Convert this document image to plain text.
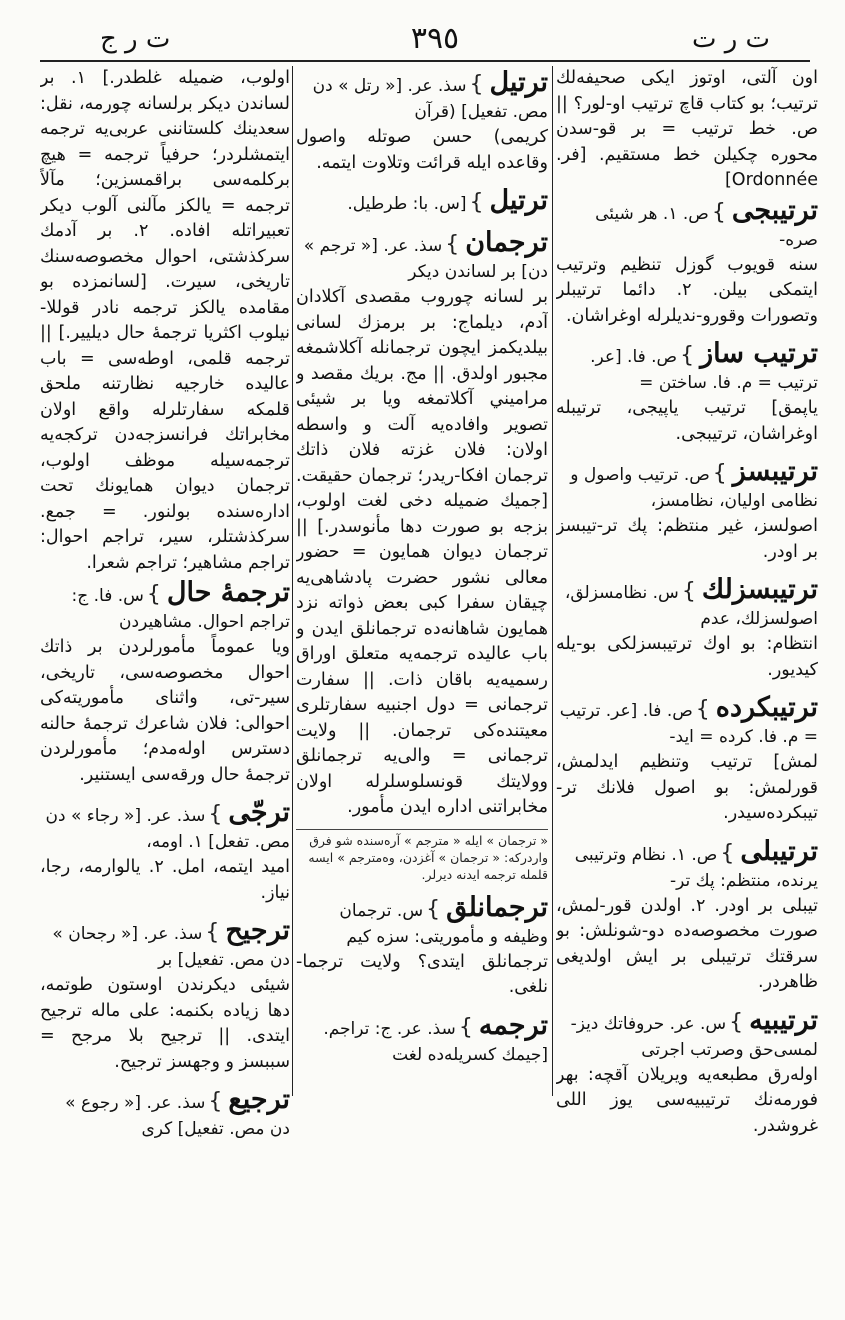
ت ر ج	٣٩٥	ت ر ت
اون آلتى، اوتوز ايكى صحيفه‌لك ترتيب؛ بو كتاب قاچ ترتيب او-لور؟ || ص. خط ترتيب = بر قو-سدن محوره چكيلن خط مستقيم. [فر. Ordonnée]
ترتيبجى}ص. ١. هر شيئى صره-
سنه قويوب گوزل تنظيم وترتيب ايتمكى بيلن. ٢. دائما ترتيبلر وتصورات وقورو-نديلرله اوغراشان.
ترتيب ساز}ص. فا. [عر. ترتيب = م. فا. ساختن =
ياپمق] ترتيب ياپيجى، ترتيبله اوغراشان، ترتيبجى.
ترتيبسز}ص. ترتيب واصول و نظامى اوليان، نظامسز،
اصولسز، غير منتظم: پك تر-تيبسز بر اودر.
ترتيبسزلك}س. نظامسزلق، اصولسزلك، عدم
انتظام: بو اوك ترتيبسزلكى بو-يله كيديور.
ترتيبكرده}ص. فا. [عر. ترتيب = م. فا. كرده = ايد-
لمش] ترتيب وتنظيم ايدلمش، قورلمش: بو اصول فلانك تر-تيبكرده‌سيدر.
ترتيبلى}ص. ١. نظام وترتيبى يرنده، منتظم: پك تر-
تيبلى بر اودر. ٢. اولدن قور-لمش، صورت مخصوصه‌ده دو-شونلش: بو سرقتك ترتيبلى بر ايش اولديغى ظاهردر.
ترتيبيه}س. عر. حروفاتك ديز-لمسى‌حق وصرتب اجرتى
اوله‌رق مطبعه‌يه ويريلان آقچه: بهر فورمه‌نك ترتيبيه‌سى يوز اللى غروشدر.
ترتيل}سذ. عر. [« رتل » دن مص. تفعيل] (قرآن
كريمى) حسن صوتله واصول وقاعده ايله قرائت وتلاوت ايتمه.
ترتيل}[س. با: طرطيل.
ترجمان}سذ. عر. [« ترجم » دن] بر لساندن ديكر
بر لسانه چوروب مقصدى آكلادان آدم، ديلماج: بر برمزك لسانى بيلديكمز ايچون ترجمانله آكلاشمغه مجبور اولدق. || مج. بريك مقصد و مراميني آكلاتمغه ويا بر شيئى تصوير وافاده‌يه آلت و واسطه اولان: فلان غزته فلان ذاتك ترجمان افكا-ريدر؛ ترجمان حقيقت. [جميك ضميله دخى لغت اولوب، بزجه بو صورت دها مأنوسدر.] || ترجمان ديوان همايون = حضور معالى نشور حضرت پادشاهى‌يه چيقان سفرا كبى بعض ذواته نزد همايون شاهانه‌ده ترجمانلق ايدن و باب عاليده ترجمه‌يه متعلق اوراق رسميه‌يه باقان ذات. || سفارت ترجمانى = دول اجنبيه سفارتلرى معيتنده‌كى ترجمان. || ولايت ترجمانى = والى‌يه ترجمانلق وولايتك قونسلوسلرله اولان مخابراتنى اداره ايدن مأمور.
« ترجمان » ايله « مترجم » آره‌سنده شو فرق واردركه: « ترجمان » آغزدن، وه‌مترجم » ايسه قلمله ترجمه ايدنه ديرلر.
ترجمانلق}س. ترجمان وظيفه و مأموريتى: سزه كيم
ترجمانلق ايتدى؟ ولايت ترجما-نلغى.
ترجمه}سذ. عر. ج: تراجم. [جيمك كسريله‌ده لغت
اولوب، ضميله غلطدر.] ١. بر لساندن ديكر برلسانه چورمه، نقل: سعدينك كلستاننى عربى‌يه ترجمه ايتمشلردر؛ حرفياً ترجمه = هيچ بركلمه‌سى براقمسزين؛ مآلاً ترجمه = يالكز مآلنى آلوب ديكر تعبيراتله افاده. ٢. بر آدمك سركذشتى، احوال مخصوصه‌سنك تاريخى، سيرت. [لسانمزده بو مقامده يالكز ترجمه نادر قوللا-نيلوب اكثريا ترجمهٔ حال ديليير.] || ترجمه قلمى، اوطه‌سى = باب عاليده خارجيه نظارتنه ملحق قلمكه سفارتلرله واقع اولان مخابراتك فرانسزجه‌دن تركجه‌يه ترجمه‌سيله موظف اولوب، ترجمان ديوان همايونك تحت اداره‌سنده بولنور. = جمع. سركذشتلر، سير، تراجم احوال: تراجم مشاهير؛ تراجم شعرا.
ترجمهٔ حال}س. فا. ج: تراجم احوال. مشاهيردن
ويا عموماً مأمورلردن بر ذاتك احوال مخصوصه‌سى، تاريخى، سير-تى، واثناى مأموريته‌كى احوالى: فلان شاعرك ترجمهٔ حالنه دسترس اوله‌مدم؛ مأمورلردن ترجمهٔ حال ورقه‌سى ايستنير.
ترجّى}سذ. عر. [« رجاء » دن مص. تفعل] ١. اومه،
اميد ايتمه، امل. ٢. يالوارمه، رجا، نياز.
ترجيح}سذ. عر. [« رجحان » دن مص. تفعيل] بر
شيئى ديكرندن اوستون طوتمه، دها زياده بكنمه: على ماله ترجيح ايتدى. || ترجيح بلا مرجح = سببسز و وجهسز ترجيح.
ترجيع}سذ. عر. [« رجوع » دن مص. تفعيل] كرى
